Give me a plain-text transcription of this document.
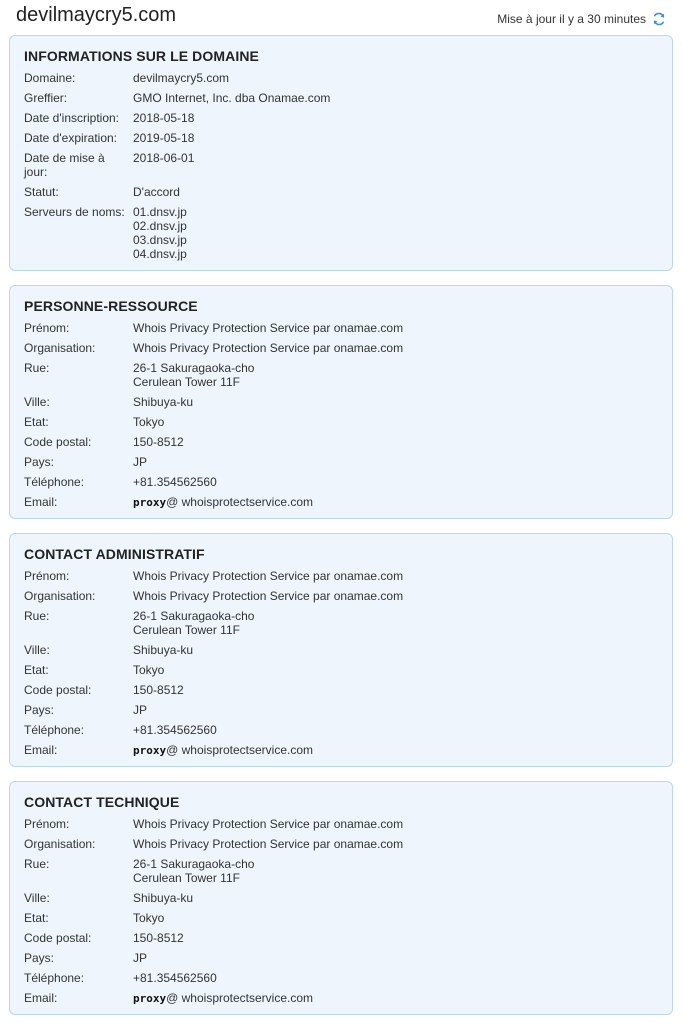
devilmaycry5.com	Mise à jour il y a 30 minutes
INFORMATIONS SUR LE DOMAINE
Domaine:	devilmaycry5.com
Greffier:	GMO Internet, Inc. dba Onamae.com
Date d'inscription:	2018-05-18
Date d'expiration:	2019-05-18
Date de mise à jour:
2018-06-01
Statut:	D'accord
Serveurs de noms: 01.dnsv.jp
02.dnsv.jp
03.dnsv.jp
04.dnsv.jp
PERSONNE-RESSOURCE
Prénom:	Whois Privacy Protection Service par onamae.com
Organisation:	Whois Privacy Protection Service par onamae.com
Rue:	26-1 Sakuragaoka-cho
Cerulean Tower 11F
Ville:	Shibuya-ku
Etat:	Tokyo
Code postal:	150-8512
Pays:	JP
Téléphone:	+81.354562560
Email:	proxy@ whoisprotectservice.com
CONTACT ADMINISTRATIF
Prénom:	Whois Privacy Protection Service par onamae.com
Organisation:	Whois Privacy Protection Service par onamae.com
Rue:	26-1 Sakuragaoka-cho
Cerulean Tower 11F
Ville:	Shibuya-ku
Etat:	Tokyo
Code postal:	150-8512
Pays:	JP
Téléphone:	+81.354562560
Email:	proxy@ whoisprotectservice.com
CONTACT TECHNIQUE
Prénom:	Whois Privacy Protection Service par onamae.com
Organisation:	Whois Privacy Protection Service par onamae.com
Rue:	26-1 Sakuragaoka-cho
Cerulean Tower 11F
Ville:	Shibuya-ku
Etat:	Tokyo
Code postal:	150-8512
Pays:	JP
Téléphone:	+81.354562560
Email:	proxy@ whoisprotectservice.com
